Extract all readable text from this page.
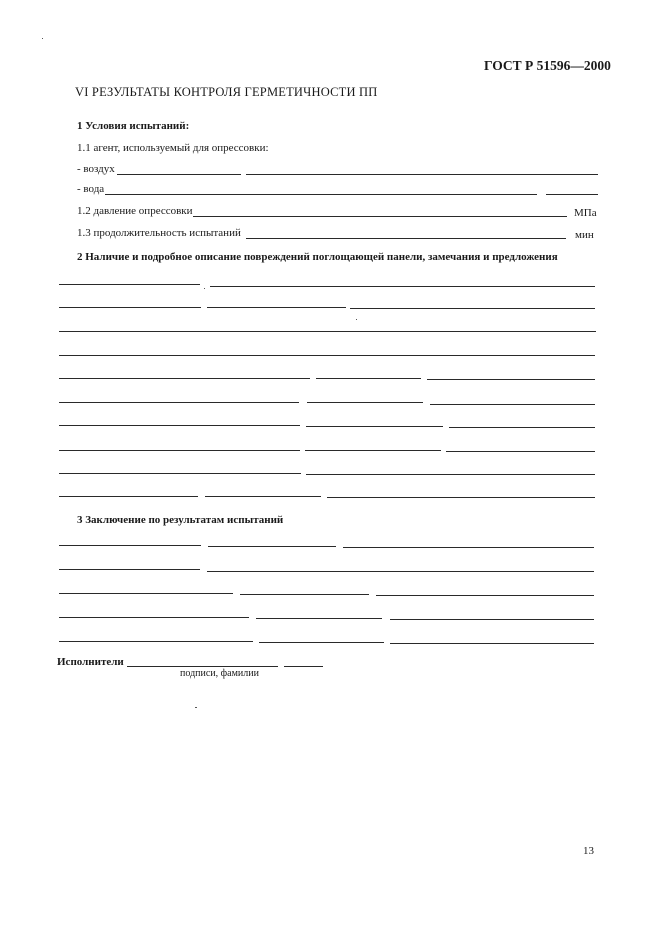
ГОСТ Р 51596—2000
VI РЕЗУЛЬТАТЫ КОНТРОЛЯ ГЕРМЕТИЧНОСТИ ПП
1 Условия испытаний:
1.1 агент, используемый для опрессовки:
- воздух
- вода
1.2 давление опрессовки	МПа
1.3 продолжительность испытаний	мин
2 Наличие и подробное описание повреждений поглощающей панели, замечания и предложения
3 Заключение по результатам испытаний
Исполнители
подписи, фамилии
13
